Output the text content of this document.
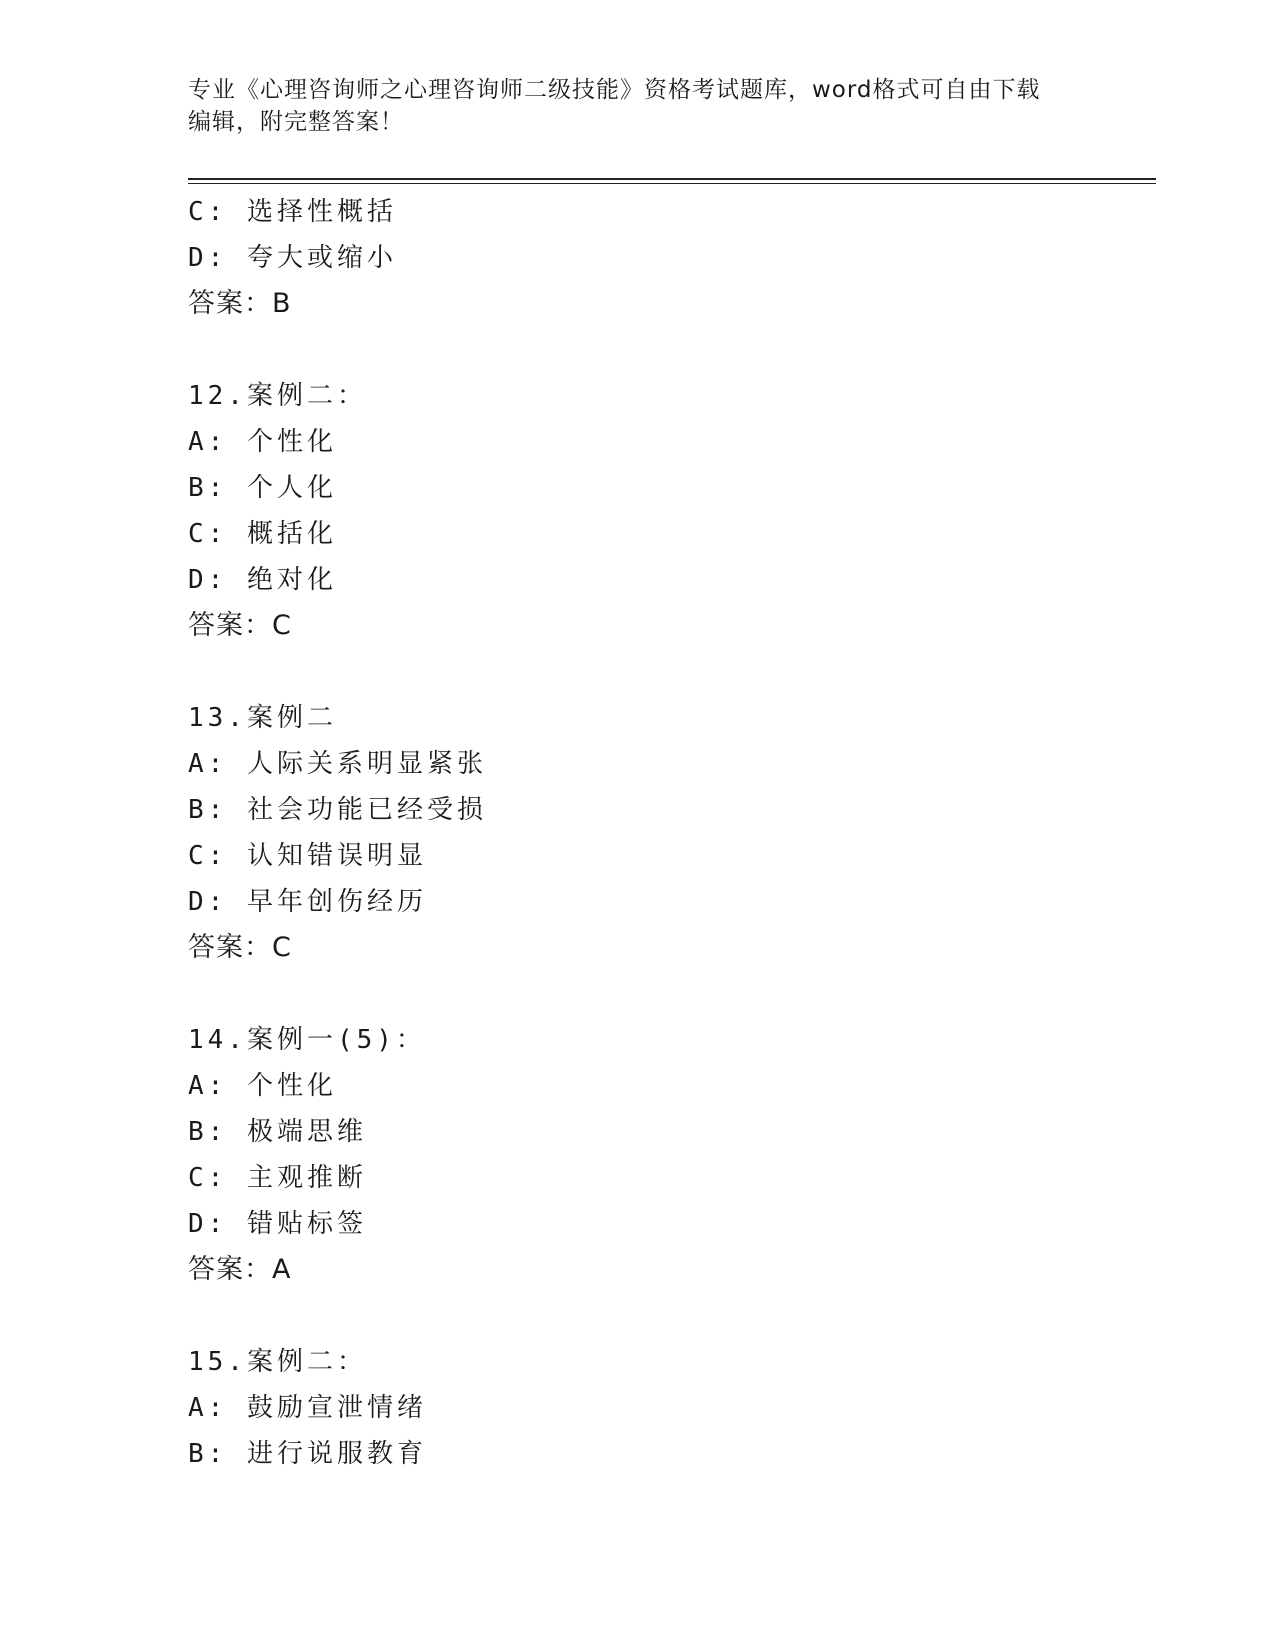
专业《心理咨询师之心理咨询师二级技能》资格考试题库，word格式可自由下载
编辑，附完整答案！
C: 选择性概括
D: 夸大或缩小
答案：B
12.案例二：
A: 个性化
B: 个人化
C: 概括化
D: 绝对化
答案：C
13.案例二
A: 人际关系明显紧张
B: 社会功能已经受损
C: 认知错误明显
D: 早年创伤经历
答案：C
14.案例一(5)：
A: 个性化
B: 极端思维
C: 主观推断
D: 错贴标签
答案：A
15.案例二：
A: 鼓励宣泄情绪
B: 进行说服教育
